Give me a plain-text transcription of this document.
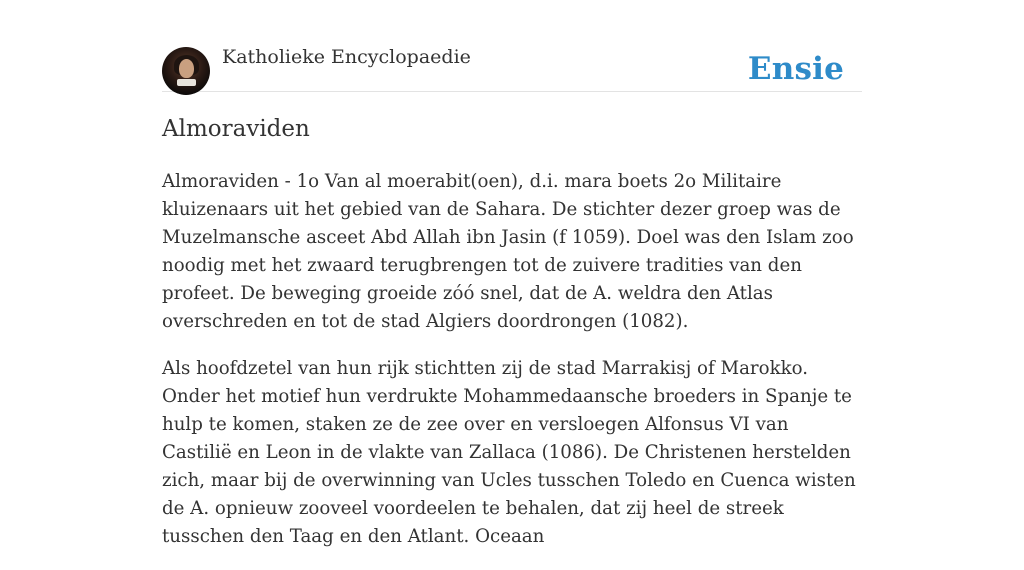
Katholieke Encyclopaedie	Ensie
Almoraviden

Almoraviden - 1o Van al moerabit(oen), d.i. mara boets 2o Militaire kluizenaars uit het gebied van de Sahara. De stichter dezer groep was de Muzelmansche asceet Abd Allah ibn Jasin (f 1059). Doel was den Islam zoo noodig met het zwaard terugbrengen tot de zuivere tradities van den profeet. De beweging groeide zóó snel, dat de A. weldra den Atlas overschreden en tot de stad Algiers doordrongen (1082).

Als hoofdzetel van hun rijk stichtten zij de stad Marrakisj of Marokko. Onder het motief hun verdrukte Mohammedaansche broeders in Spanje te hulp te komen, staken ze de zee over en versloegen Alfonsus VI van Castilië en Leon in de vlakte van Zallaca (1086). De Christenen herstelden zich, maar bij de overwinning van Ucles tusschen Toledo en Cuenca wisten de A. opnieuw zooveel voordeelen te behalen, dat zij heel de streek tusschen den Taag en den Atlant. Oceaan
